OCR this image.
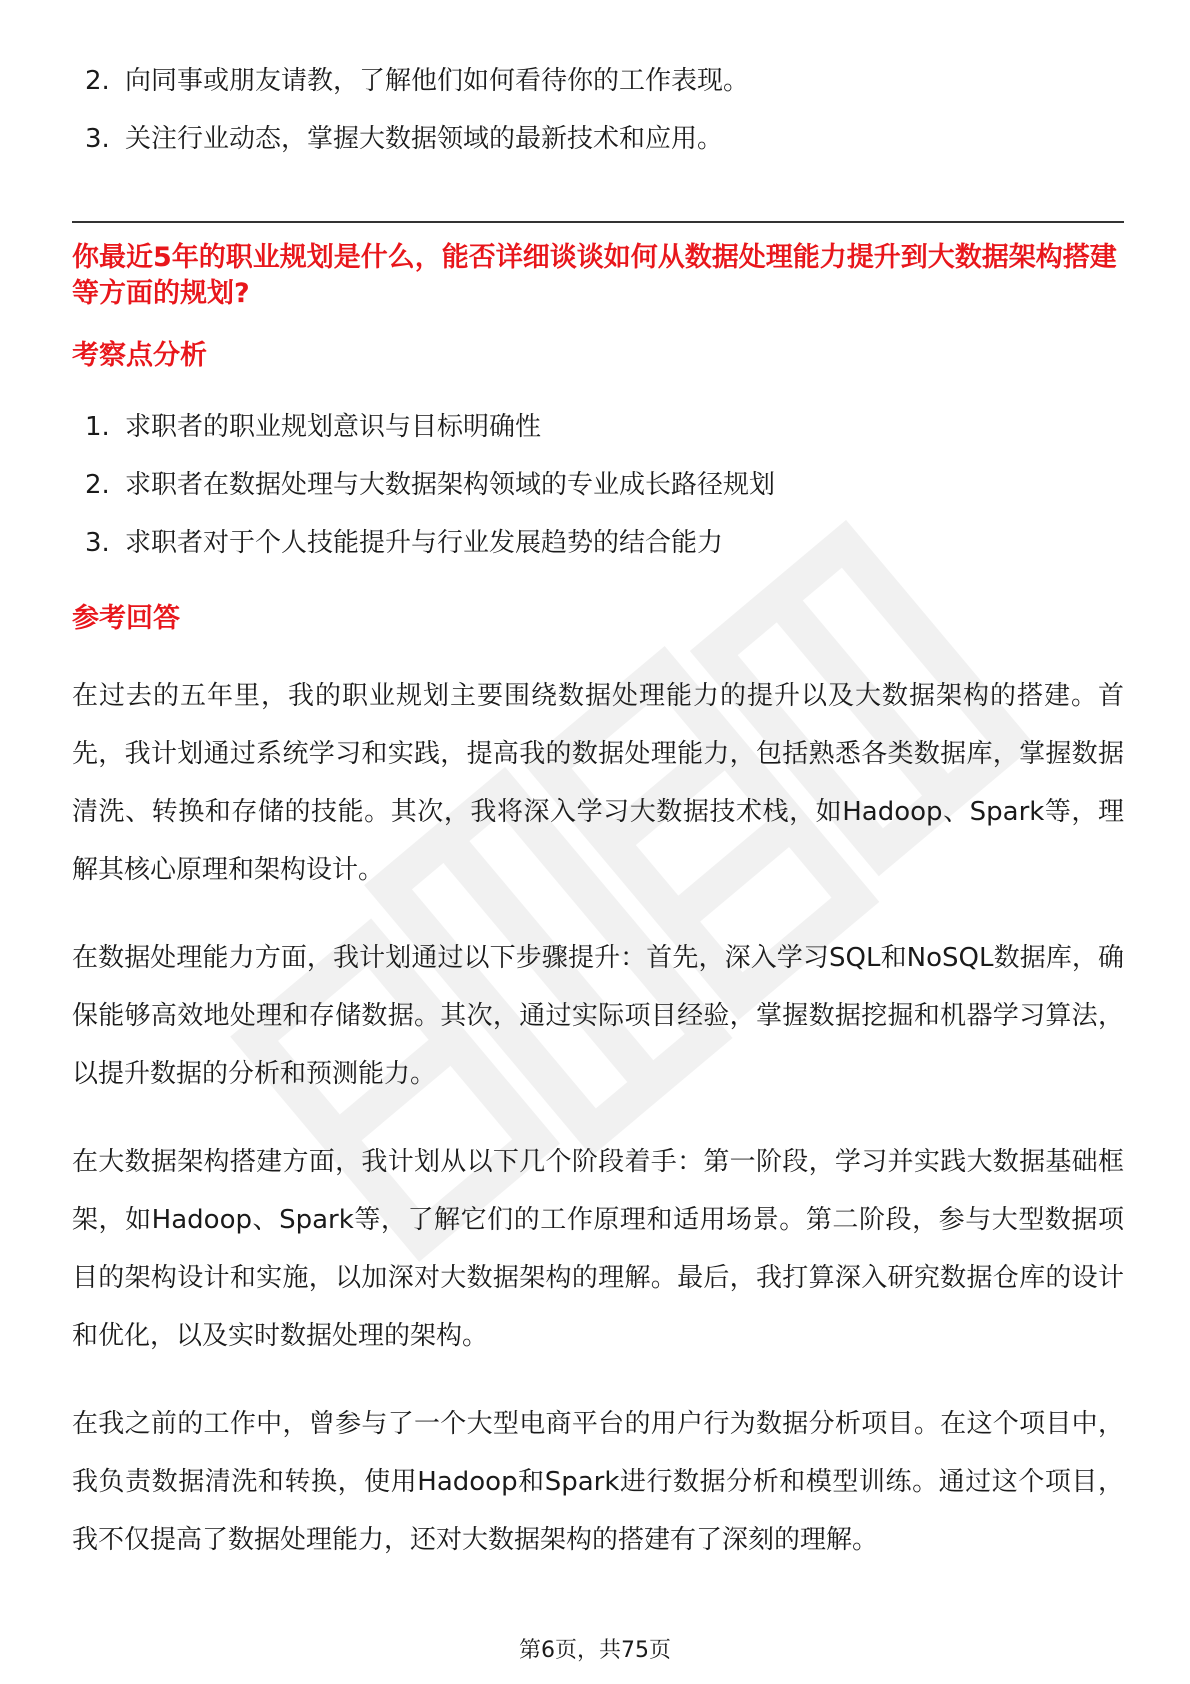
2. 向同事或朋友请教，了解他们如何看待你的工作表现。
3. 关注行业动态，掌握大数据领域的最新技术和应用。
你最近5年的职业规划是什么，能否详细谈谈如何从数据处理能力提升到大数据架构搭建等方面的规划?
考察点分析
1. 求职者的职业规划意识与目标明确性
2. 求职者在数据处理与大数据架构领域的专业成长路径规划
3. 求职者对于个人技能提升与行业发展趋势的结合能力
参考回答

在过去的五年里，我的职业规划主要围绕数据处理能力的提升以及大数据架构的搭建。首先，我计划通过系统学习和实践，提高我的数据处理能力，包括熟悉各类数据库，掌握数据清洗、转换和存储的技能。其次，我将深入学习大数据技术栈，如Hadoop、Spark等，理解其核心原理和架构设计。

在数据处理能力方面，我计划通过以下步骤提升：首先，深入学习SQL和NoSQL数据库，确保能够高效地处理和存储数据。其次，通过实际项目经验，掌握数据挖掘和机器学习算法，以提升数据的分析和预测能力。

在大数据架构搭建方面，我计划从以下几个阶段着手：第一阶段，学习并实践大数据基础框架，如Hadoop、Spark等，了解它们的工作原理和适用场景。第二阶段，参与大型数据项目的架构设计和实施，以加深对大数据架构的理解。最后，我打算深入研究数据仓库的设计和优化，以及实时数据处理的架构。

在我之前的工作中，曾参与了一个大型电商平台的用户行为数据分析项目。在这个项目中，我负责数据清洗和转换，使用Hadoop和Spark进行数据分析和模型训练。通过这个项目，我不仅提高了数据处理能力，还对大数据架构的搭建有了深刻的理解。

第6页，共75页
